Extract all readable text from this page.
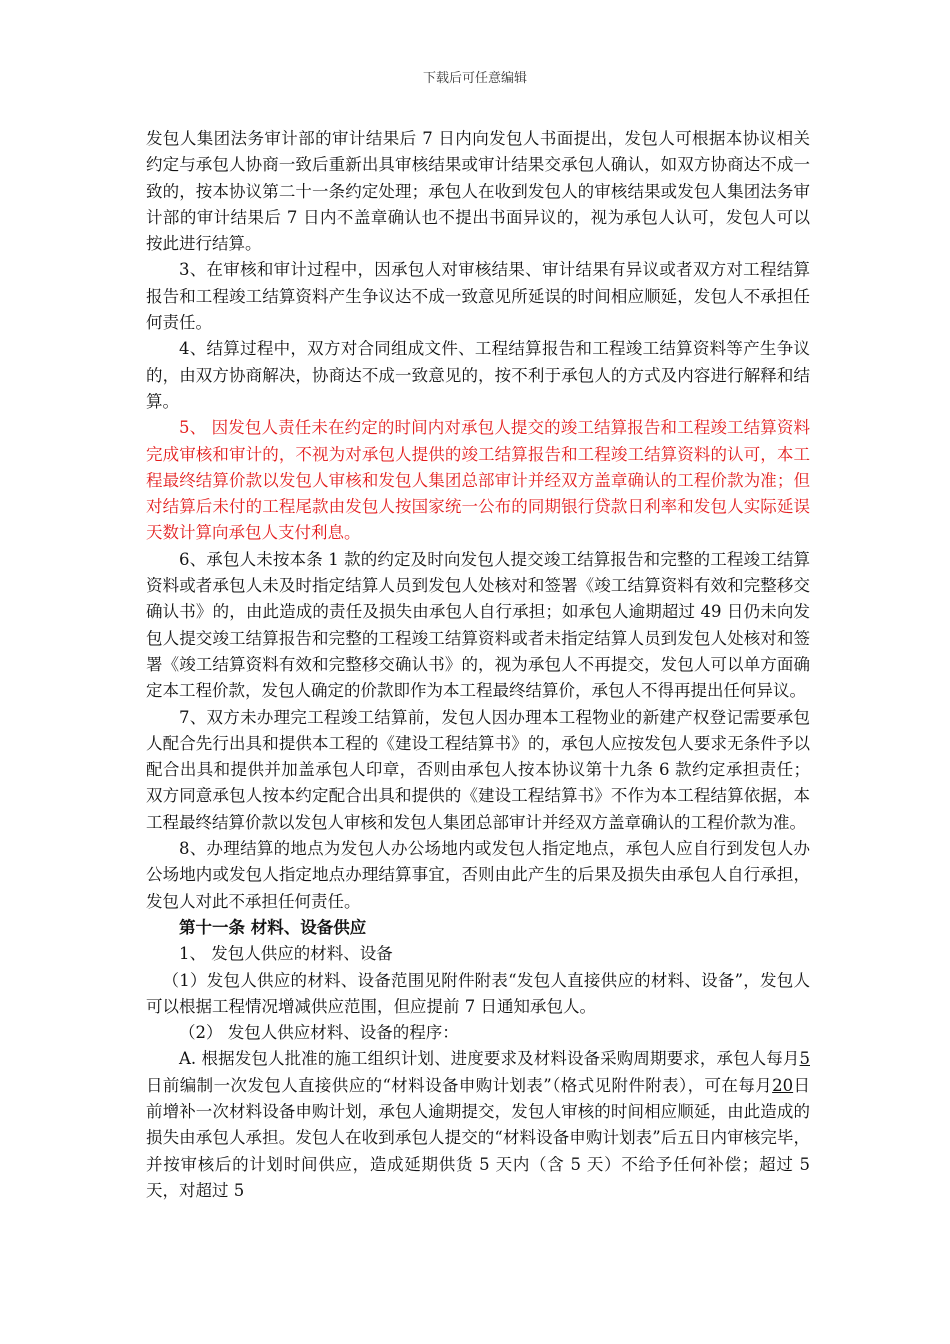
下载后可任意编辑

发包人集团法务审计部的审计结果后 7 日内向发包人书面提出，发包人可根据本协议相关约定与承包人协商一致后重新出具审核结果或审计结果交承包人确认，如双方协商达不成一致的，按本协议第二十一条约定处理；承包人在收到发包人的审核结果或发包人集团法务审计部的审计结果后 7 日内不盖章确认也不提出书面异议的，视为承包人认可，发包人可以按此进行结算。

3、在审核和审计过程中，因承包人对审核结果、审计结果有异议或者双方对工程结算报告和工程竣工结算资料产生争议达不成一致意见所延误的时间相应顺延，发包人不承担任何责任。

4、结算过程中，双方对合同组成文件、工程结算报告和工程竣工结算资料等产生争议的，由双方协商解决，协商达不成一致意见的，按不利于承包人的方式及内容进行解释和结算。

5、 因发包人责任未在约定的时间内对承包人提交的竣工结算报告和工程竣工结算资料完成审核和审计的，不视为对承包人提供的竣工结算报告和工程竣工结算资料的认可，本工程最终结算价款以发包人审核和发包人集团总部审计并经双方盖章确认的工程价款为准；但对结算后未付的工程尾款由发包人按国家统一公布的同期银行贷款日利率和发包人实际延误天数计算向承包人支付利息。

6、承包人未按本条 1 款的约定及时向发包人提交竣工结算报告和完整的工程竣工结算资料或者承包人未及时指定结算人员到发包人处核对和签署《竣工结算资料有效和完整移交确认书》的，由此造成的责任及损失由承包人自行承担；如承包人逾期超过 49 日仍未向发包人提交竣工结算报告和完整的工程竣工结算资料或者未指定结算人员到发包人处核对和签署《竣工结算资料有效和完整移交确认书》的，视为承包人不再提交，发包人可以单方面确定本工程价款，发包人确定的价款即作为本工程最终结算价，承包人不得再提出任何异议。

7、双方未办理完工程竣工结算前，发包人因办理本工程物业的新建产权登记需要承包人配合先行出具和提供本工程的《建设工程结算书》的，承包人应按发包人要求无条件予以配合出具和提供并加盖承包人印章，否则由承包人按本协议第十九条 6 款约定承担责任；双方同意承包人按本约定配合出具和提供的《建设工程结算书》不作为本工程结算依据，本工程最终结算价款以发包人审核和发包人集团总部审计并经双方盖章确认的工程价款为准。

8、办理结算的地点为发包人办公场地内或发包人指定地点，承包人应自行到发包人办公场地内或发包人指定地点办理结算事宜，否则由此产生的后果及损失由承包人自行承担，发包人对此不承担任何责任。

第十一条 材料、设备供应

1、 发包人供应的材料、设备

（1）发包人供应的材料、设备范围见附件附表“发包人直接供应的材料、设备”，发包人可以根据工程情况增减供应范围，但应提前 7 日通知承包人。

（2） 发包人供应材料、设备的程序：

A. 根据发包人批准的施工组织计划、进度要求及材料设备采购周期要求，承包人每月5日前编制一次发包人直接供应的“材料设备申购计划表”（格式见附件附表），可在每月20日前增补一次材料设备申购计划，承包人逾期提交，发包人审核的时间相应顺延，由此造成的损失由承包人承担。发包人在收到承包人提交的“材料设备申购计划表”后五日内审核完毕，并按审核后的计划时间供应，造成延期供货 5 天内（含 5 天）不给予任何补偿；超过 5 天，对超过 5
